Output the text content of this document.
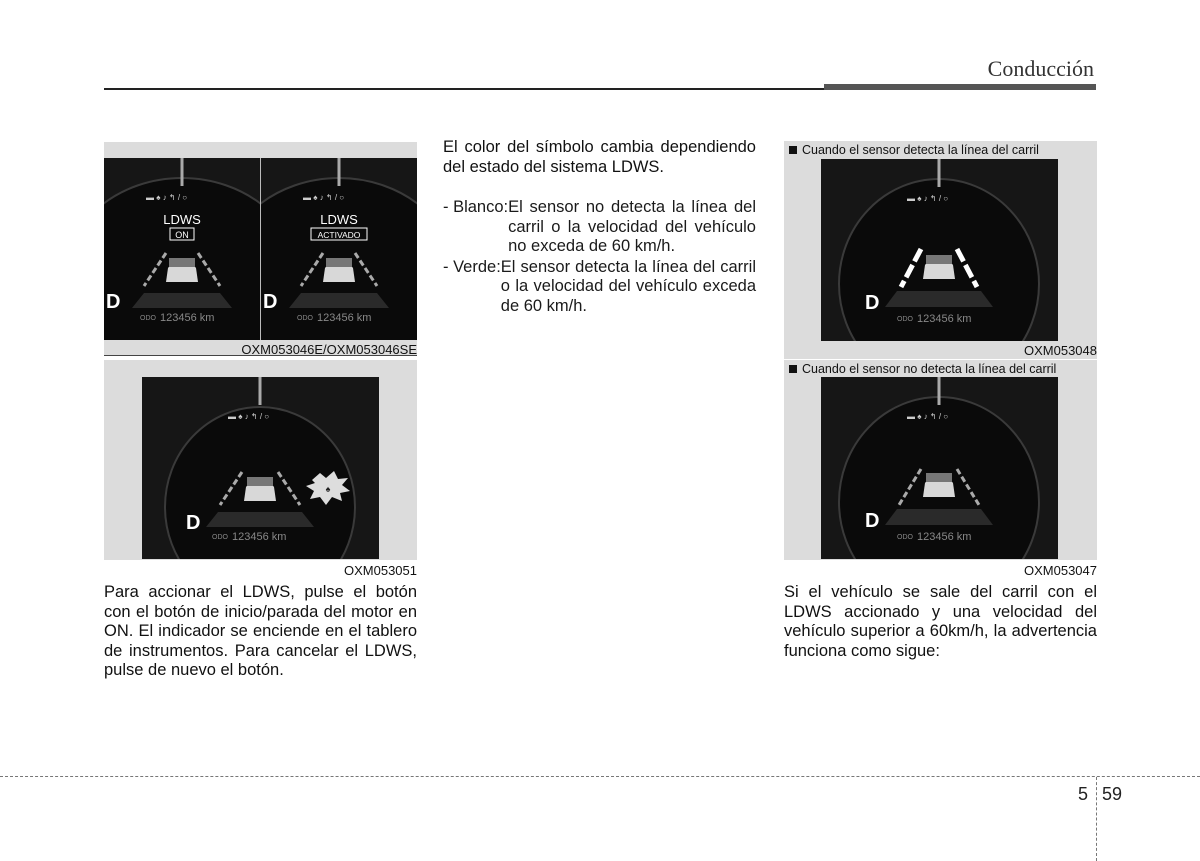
Conducción
▬ ♠ ♪ ↰ / ○
LDWS
ON
D
ODO 123456 km
▬ ♠ ♪ ↰ / ○
LDWS
ACTIVADO
D
ODO 123456 km
OXM053046E/OXM053046SE
▬ ♠ ♪ ↰ / ○
♠
D
ODO 123456 km
OXM053051
Para accionar el LDWS, pulse el botón con el botón de inicio/parada del motor en ON. El indicador se enciende en el tablero de instrumentos. Para cancelar el LDWS, pulse de nuevo el botón.
El color del símbolo cambia dependiendo del estado del sistema LDWS.
- Blanco: El sensor no detecta la línea del carril o la velocidad del vehículo no exceda de 60 km/h.
- Verde: El sensor detecta la línea del carril o la velocidad del vehículo exceda de 60 km/h.
Cuando el sensor detecta la línea del carril
▬ ♠ ♪ ↰ / ○
D
ODO 123456 km
OXM053048
Cuando el sensor no detecta la línea del carril
▬ ♠ ♪ ↰ / ○
D
ODO 123456 km
OXM053047
Si el vehículo se sale del carril con el LDWS accionado y una velocidad del vehículo superior a 60km/h, la advertencia funciona como sigue:
5 59
